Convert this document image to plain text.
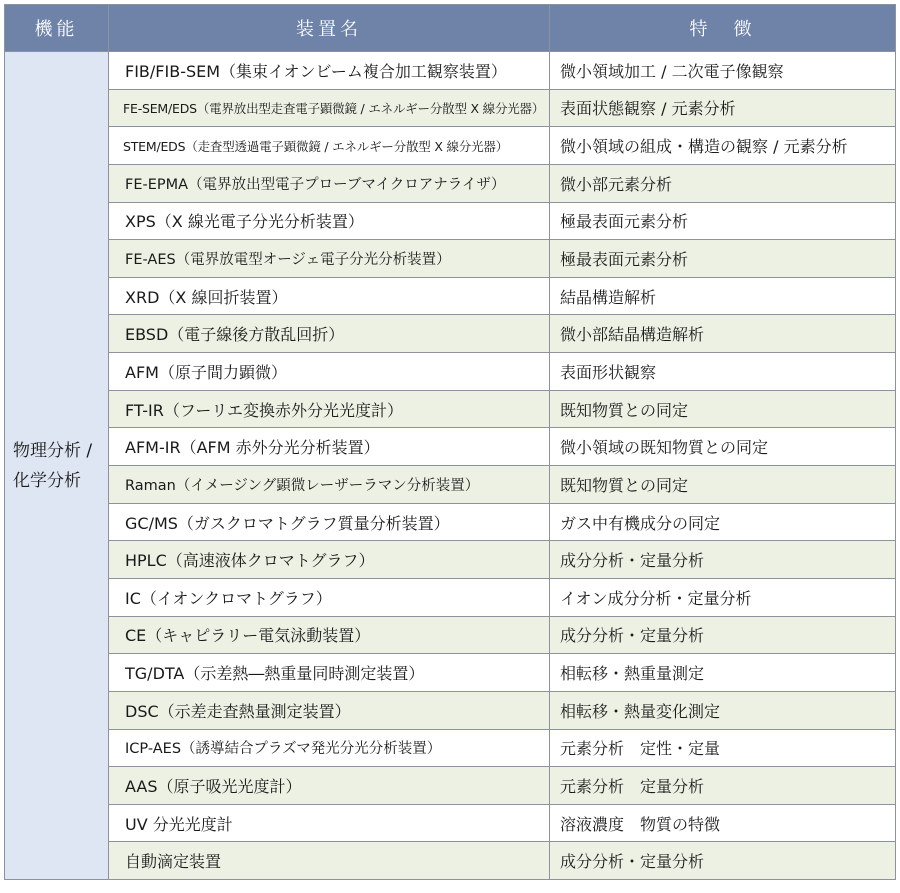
機能	装置名	特　徴
物理分析 / 化学分析	FIB/FIB-SEM（集束イオンビーム複合加工観察装置）	微小領域加工 / 二次電子像観察
	FE-SEM/EDS（電界放出型走査電子顕微鏡 / エネルギー分散型 X 線分光器）	表面状態観察 / 元素分析
	STEM/EDS（走査型透過電子顕微鏡 / エネルギー分散型 X 線分光器）	微小領域の組成・構造の観察 / 元素分析
	FE-EPMA（電界放出型電子プローブマイクロアナライザ）	微小部元素分析
	XPS（X 線光電子分光分析装置）	極最表面元素分析
	FE-AES（電界放電型オージェ電子分光分析装置）	極最表面元素分析
	XRD（X 線回折装置）	結晶構造解析
	EBSD（電子線後方散乱回折）	微小部結晶構造解析
	AFM（原子間力顕微）	表面形状観察
	FT-IR（フーリエ変換赤外分光光度計）	既知物質との同定
	AFM-IR（AFM 赤外分光分析装置）	微小領域の既知物質との同定
	Raman（イメージング顕微レーザーラマン分析装置）	既知物質との同定
	GC/MS（ガスクロマトグラフ質量分析装置）	ガス中有機成分の同定
	HPLC（高速液体クロマトグラフ）	成分分析・定量分析
	IC（イオンクロマトグラフ）	イオン成分分析・定量分析
	CE（キャピラリー電気泳動装置）	成分分析・定量分析
	TG/DTA（示差熱―熱重量同時測定装置）	相転移・熱重量測定
	DSC（示差走査熱量測定装置）	相転移・熱量変化測定
	ICP-AES（誘導結合プラズマ発光分光分析装置）	元素分析　定性・定量
	AAS（原子吸光光度計）	元素分析　定量分析
	UV 分光光度計	溶液濃度　物質の特徴
	自動滴定装置	成分分析・定量分析
